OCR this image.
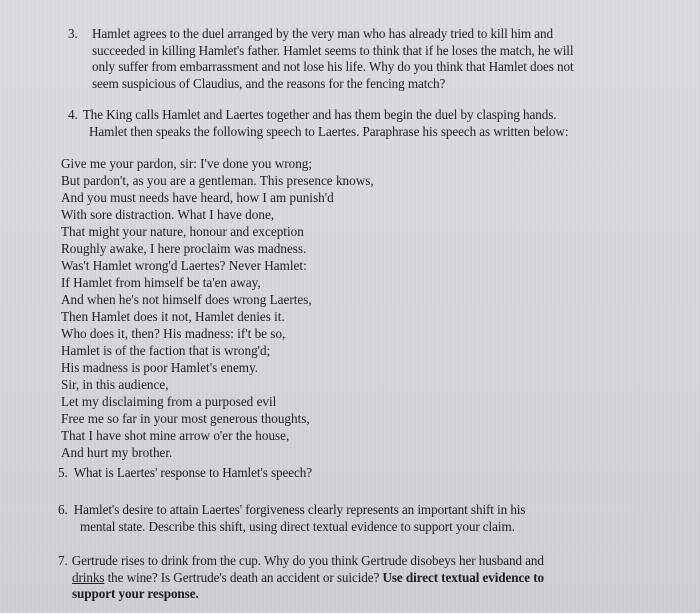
3. Hamlet agrees to the duel arranged by the very man who has already tried to kill him and
succeeded in killing Hamlet's father. Hamlet seems to think that if he loses the match, he will
only suffer from embarrassment and not lose his life. Why do you think that Hamlet does not
seem suspicious of Claudius, and the reasons for the fencing match?
4. The King calls Hamlet and Laertes together and has them begin the duel by clasping hands.
Hamlet then speaks the following speech to Laertes. Paraphrase his speech as written below:
Give me your pardon, sir: I've done you wrong;
But pardon't, as you are a gentleman. This presence knows,
And you must needs have heard, how I am punish'd
With sore distraction. What I have done,
That might your nature, honour and exception
Roughly awake, I here proclaim was madness.
Was't Hamlet wrong'd Laertes? Never Hamlet:
If Hamlet from himself be ta'en away,
And when he's not himself does wrong Laertes,
Then Hamlet does it not, Hamlet denies it.
Who does it, then? His madness: if't be so,
Hamlet is of the faction that is wrong'd;
His madness is poor Hamlet's enemy.
Sir, in this audience,
Let my disclaiming from a purposed evil
Free me so far in your most generous thoughts,
That I have shot mine arrow o'er the house,
And hurt my brother.
5. What is Laertes' response to Hamlet's speech?
6. Hamlet's desire to attain Laertes' forgiveness clearly represents an important shift in his
mental state. Describe this shift, using direct textual evidence to support your claim.
7. Gertrude rises to drink from the cup. Why do you think Gertrude disobeys her husband and
drinks the wine? Is Gertrude's death an accident or suicide? Use direct textual evidence to
support your response.
